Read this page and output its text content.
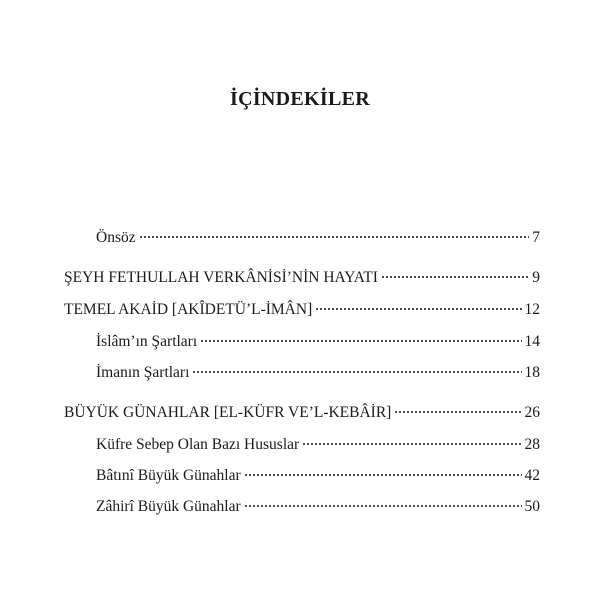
İÇİNDEKİLER
Önsöz	7
ŞEYH FETHULLAH VERKÂNİSİ’NİN HAYATI	9
TEMEL AKAİD [AKÎDETÜ’L-İMÂN]	12
İslâm’ın Şartları	14
İmanın Şartları	18
BÜYÜK GÜNAHLAR [EL-KÜFR VE’L-KEBÂİR]	26
Küfre Sebep Olan Bazı Hususlar	28
Bâtınî Büyük Günahlar	42
Zâhirî Büyük Günahlar	50
